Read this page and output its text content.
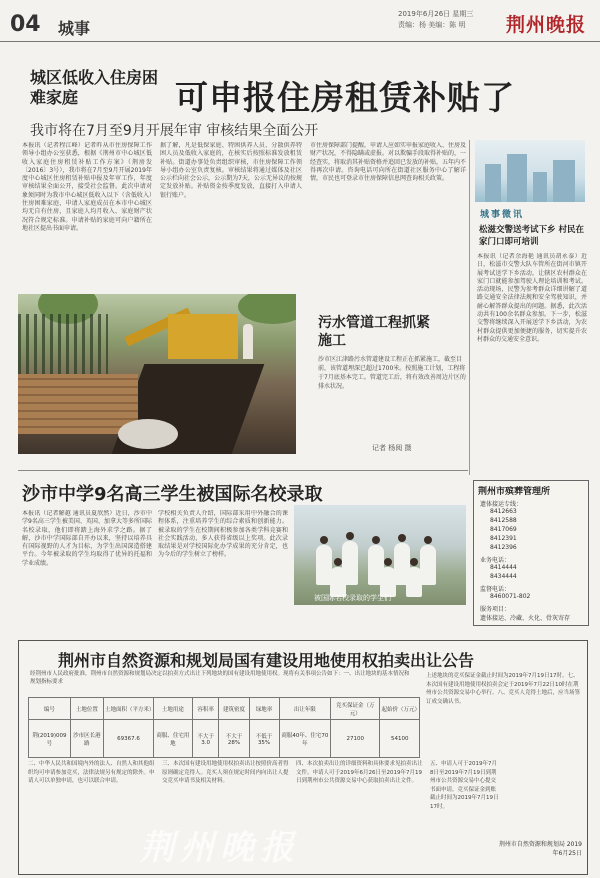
04 城事
2019年6月26日 星期三
责编：杨 美编：陈 明	荆州晚报
城区低收入住房困难家庭	可申报住房租赁补贴了
我市将在7月至9月开展年审 审核结果全面公开
本报讯（记者程江峰）记者昨从市住房保障工作领导小组办公室获悉，根据《荆州市中心城区低收入家庭住房租赁补贴工作方案》（荆房发〔2016〕3号），我市将在7月至9月开展2019年度中心城区住房租赁补贴申报及年审工作，年度审核结果全面公开，接受社会监督。此次申请对象须同时为我市中心城区低收入以下（含低收入）住房困难家庭，申请人家庭成员在本市中心城区均无自有住房，且家庭人均月收入、家庭财产状况符合规定标准。申请补贴的家庭可向户籍所在地社区提出书面申请。
据了解，凡是低保家庭、特困供养人员、分散供养特困人员及低收入家庭的，在核实后按照标准发放租赁补贴。街道办事处负责组织审核，市住房保障工作领导小组办公室负责复核。审核结果将通过媒体及社区公示栏向社会公示，公示期为7天，公示无异议的按规定发放补贴。补贴资金按季度发放，直接打入申请人银行账户。
市住房保障部门提醒，申请人应如实申报家庭收入、住房及财产状况，不得隐瞒或虚报。对以欺骗手段取得补贴的，一经查实，将取消其补贴资格并追回已发放的补贴，五年内不得再次申请。咨询电话可向所在街道社区服务中心了解详情，市民也可登录市住房保障信息网查询相关政策。
污水管道工程抓紧施工
沙市区江津路污水管道建设工程正在抓紧施工，截至目前，该管道埋深已超过1700米。按照施工计划，工程将于7月底基本完工。管道完工后，将有效改善周边片区的排水状况。
记者 杨阅 摄
沙市中学9名高三学生被国际名校录取
本报讯（记者解越 通讯员夏欣然）近日，沙市中学9名高三学生被美国、英国、加拿大等多所国际名校录取，他们即将踏上海外求学之路。据了解，沙市中学国际部自开办以来，坚持以培养具有国际视野的人才为目标，为学生出国深造搭建平台。今年被录取的学生均取得了优异的托福和学业成绩。
学校相关负责人介绍，国际部采用中外融合的课程体系，注重培养学生的综合素质和创新能力。被录取的学生在校期间积极参加各类学科竞赛和社会实践活动，多人获得省级以上奖项。此次录取结果是对学校国际化办学成果的充分肯定，也为今后的学生树立了榜样。
被国际名校录取的学生们
城事微讯
松滋交警送考试下乡 村民在家门口即可培训
本报讯（记者余海艳 通讯员胡永泰）近日，松滋市交警大队车管所在街河市镇开展考试送学下乡活动，让辖区农村群众在家门口就能参加驾驶人理论培训和考试。活动现场，民警为参考群众详细讲解了道路交通安全法律法规和安全驾驶知识，并耐心解答群众提出的问题。据悉，此次活动共有100余名群众参加。下一步，松滋交警将继续深入开展送学下乡活动，为农村群众提供更加便捷的服务，切实提升农村群众的交通安全意识。
荆州市殡葬管理所
遗体接运专线：
8412663
8412588
8417069
8412391
8412396
业务电话：
8414444
8434444
监督电话：
8460071-802
服务项目：
遗体接运、冷藏、火化、骨灰寄存
荆州市自然资源和规划局国有建设用地使用权拍卖出让公告
经荆州市人民政府批准，荆州市自然资源和规划局决定以拍卖方式出让下列地块的国有建设用地使用权。现将有关事项公告如下：一、出让地块的基本情况和规划指标要求
编号	土地位置	土地面积（平方米）	土地用途	容积率	建筑密度	绿地率	出让年限	竞买保证金（万元）	起始价（万元）
荆(2019)009号	沙市区长港路	69367.6	商服、住宅用地	不大于3.0	不大于28%	不低于35%	商服40年、住宅70年	27100	54100
上述地块的竞买保证金截止时间为2019年7月19日17时。七、本次国有建设用地使用权拍卖会定于2019年7月22日10时在荆州市公共资源交易中心举行。八、竞买人竞得土地后，应当场签订成交确认书。
二、中华人民共和国境内外的法人、自然人和其他组织均可申请参加竞买，法律法规另有规定的除外。申请人可以单独申请，也可以联合申请。
三、本次国有建设用地使用权拍卖出让按照价高者得原则确定竞得人。竞买人须在规定时间内向出让人提交竞买申请书及相关材料。
四、本次拍卖出让的详细资料和具体要求见拍卖出让文件。申请人可于2019年6月26日至2019年7月19日到荆州市公共资源交易中心获取拍卖出让文件。
五、申请人可于2019年7月8日至2019年7月19日到荆州市公共资源交易中心提交书面申请。竞买保证金到账截止时间为2019年7月19日17时。
荆州市自然资源和规划局 2019年6月25日
荆州晚报
